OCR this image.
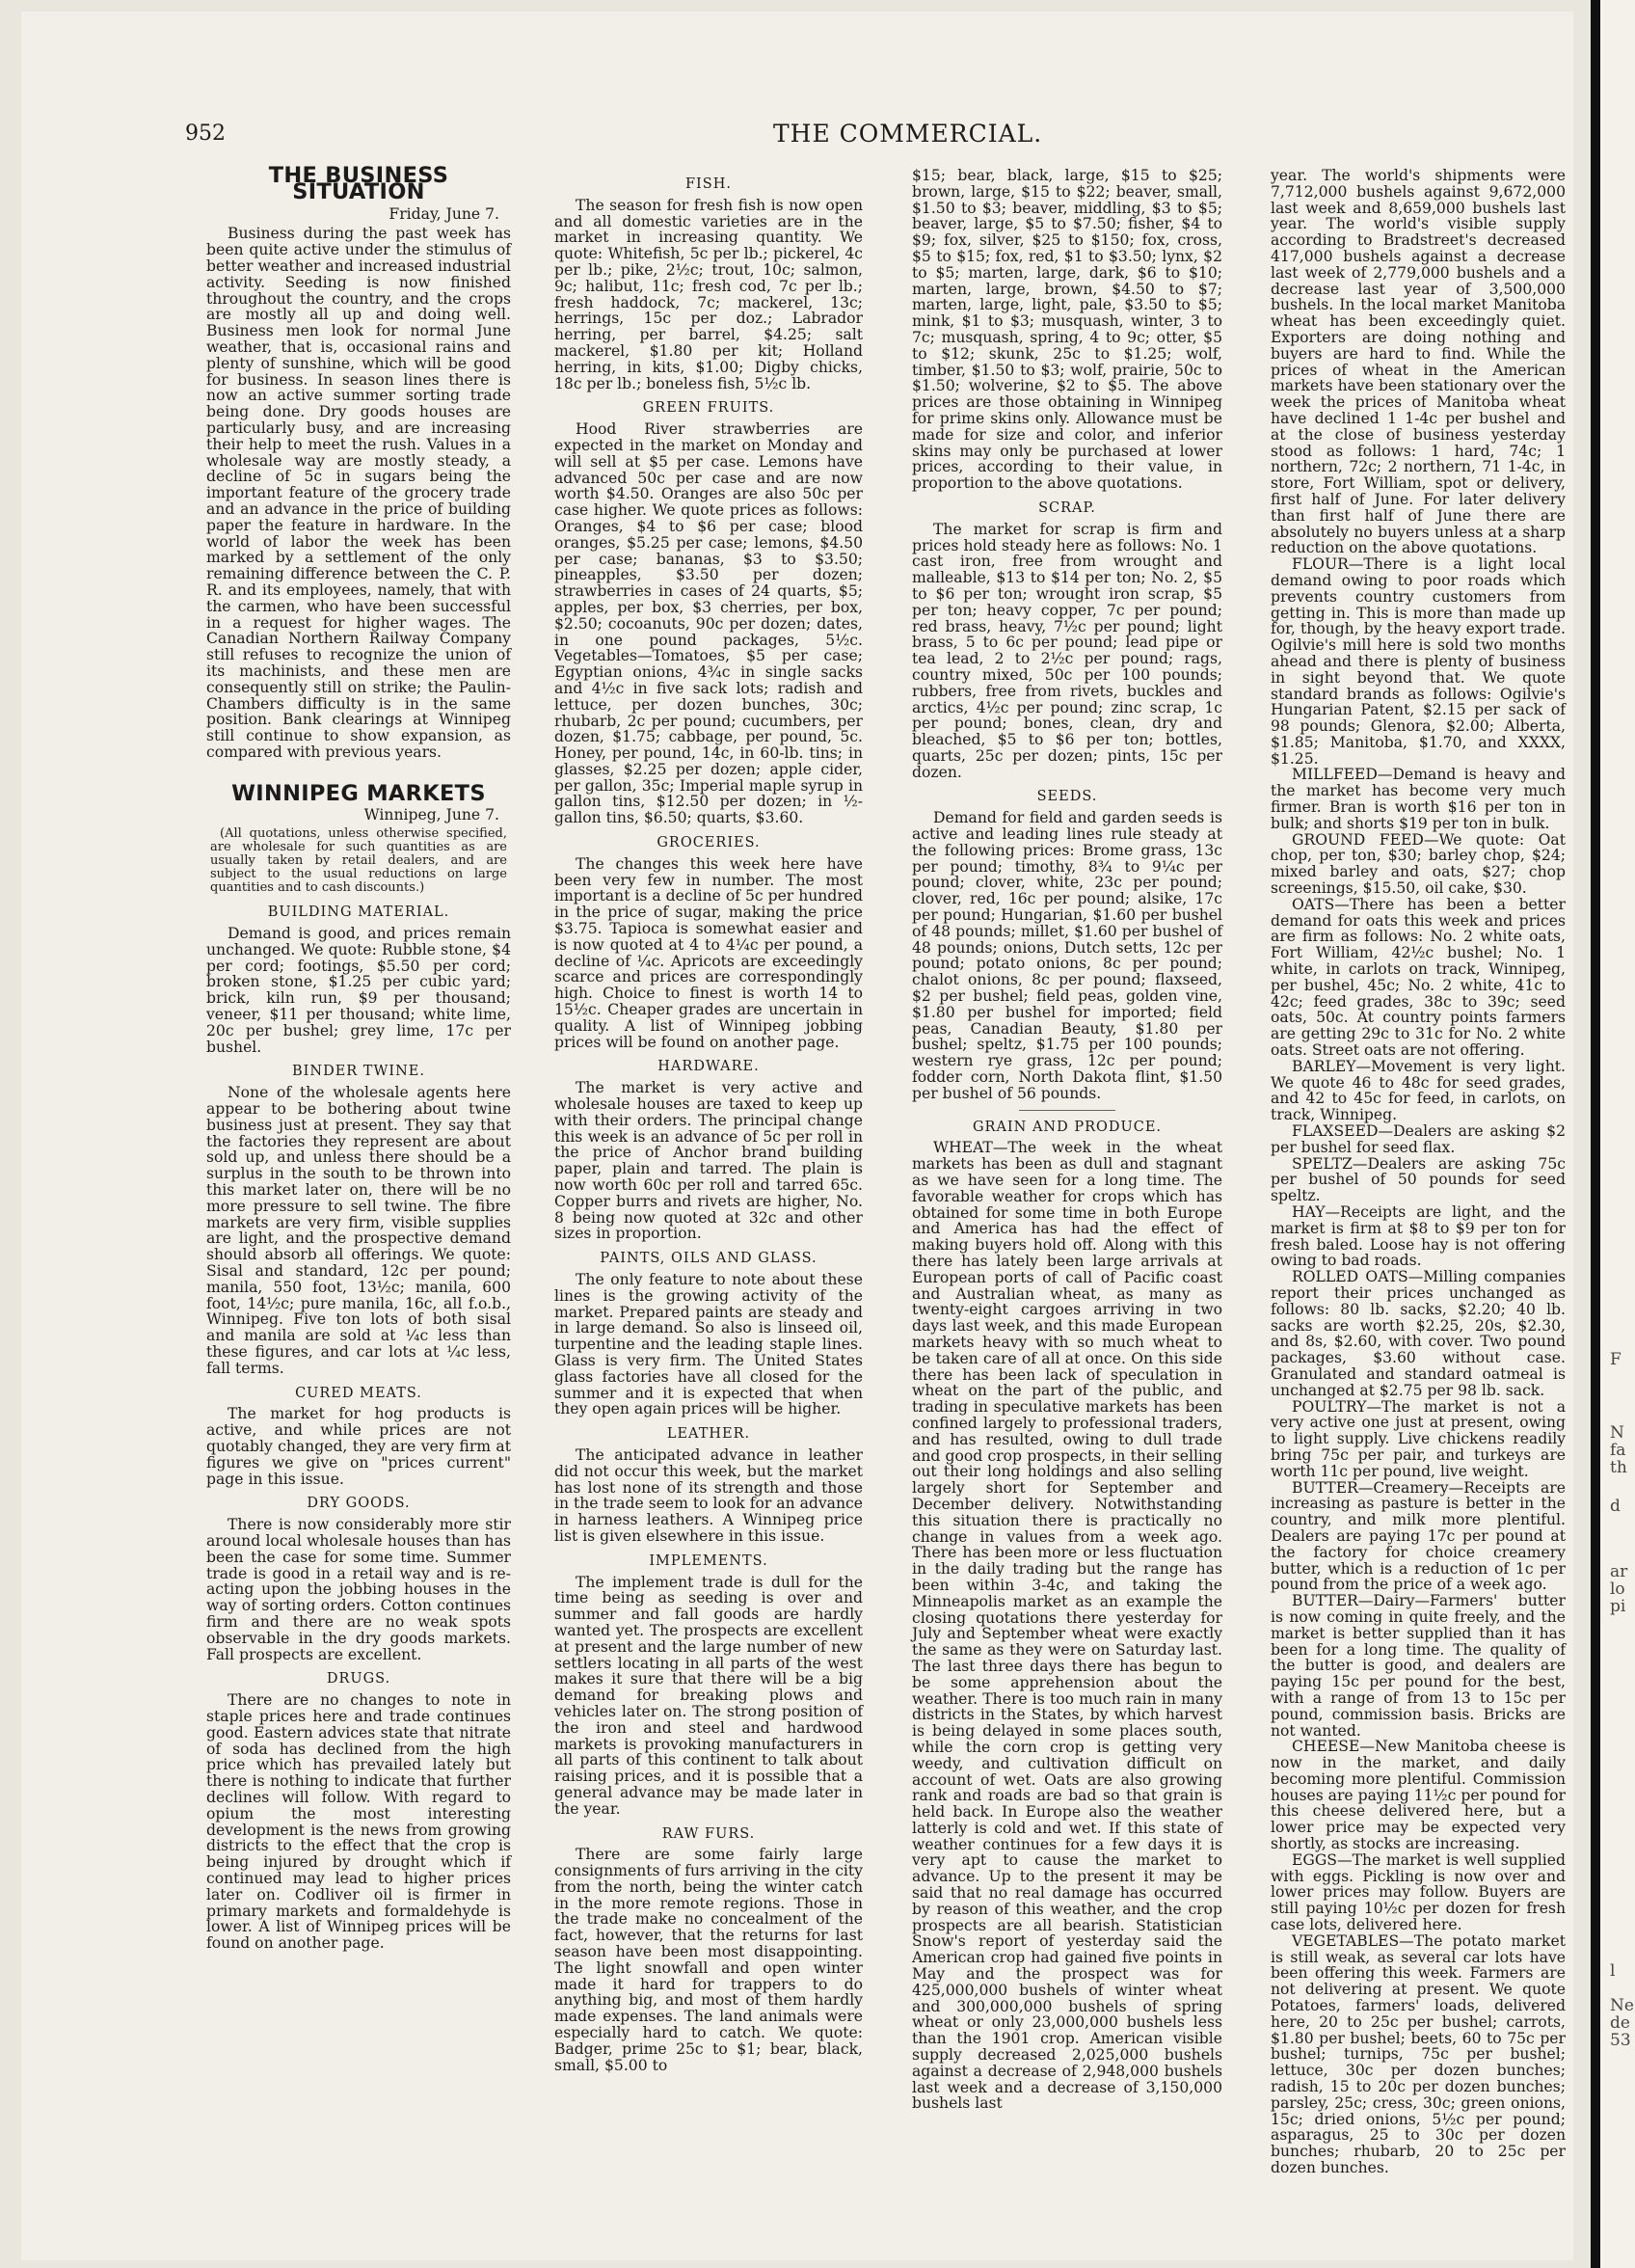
952	THE COMMERCIAL.
THE BUSINESS SITUATION
Friday, June 7.

Business during the past week has been quite active under the stimulus of better weather and increased industrial activity. Seeding is now finished throughout the country, and the crops are mostly all up and doing well. Business men look for normal June weather, that is, occasional rains and plenty of sunshine, which will be good for business. In season lines there is now an active summer sorting trade being done. Dry goods houses are particularly busy, and are increasing their help to meet the rush. Values in a wholesale way are mostly steady, a decline of 5c in sugars being the important feature of the grocery trade and an advance in the price of building paper the feature in hardware. In the world of labor the week has been marked by a settlement of the only remaining difference between the C. P. R. and its employees, namely, that with the carmen, who have been successful in a request for higher wages. The Canadian Northern Railway Company still refuses to recognize the union of its machinists, and these men are consequently still on strike; the Paulin-Chambers difficulty is in the same position. Bank clearings at Winnipeg still continue to show expansion, as compared with previous years.

WINNIPEG MARKETS
Winnipeg, June 7.
(All quotations, unless otherwise specified, are wholesale for such quantities as are usually taken by retail dealers, and are subject to the usual reductions on large quantities and to cash discounts.)
BUILDING MATERIAL.

Demand is good, and prices remain unchanged. We quote: Rubble stone, $4 per cord; footings, $5.50 per cord; broken stone, $1.25 per cubic yard; brick, kiln run, $9 per thousand; veneer, $11 per thousand; white lime, 20c per bushel; grey lime, 17c per bushel.

BINDER TWINE.

None of the wholesale agents here appear to be bothering about twine business just at present. They say that the factories they represent are about sold up, and unless there should be a surplus in the south to be thrown into this market later on, there will be no more pressure to sell twine. The fibre markets are very firm, visible supplies are light, and the prospective demand should absorb all offerings. We quote: Sisal and standard, 12c per pound; manila, 550 foot, 13½c; manila, 600 foot, 14½c; pure manila, 16c, all f.o.b., Winnipeg. Five ton lots of both sisal and manila are sold at ¼c less than these figures, and car lots at ¼c less, fall terms.

CURED MEATS.

The market for hog products is active, and while prices are not quotably changed, they are very firm at figures we give on "prices current" page in this issue.

DRY GOODS.

There is now considerably more stir around local wholesale houses than has been the case for some time. Summer trade is good in a retail way and is re-acting upon the jobbing houses in the way of sorting orders. Cotton continues firm and there are no weak spots observable in the dry goods markets. Fall prospects are excellent.

DRUGS.

There are no changes to note in staple prices here and trade continues good. Eastern advices state that nitrate of soda has declined from the high price which has prevailed lately but there is nothing to indicate that further declines will follow. With regard to opium the most interesting development is the news from growing districts to the effect that the crop is being injured by drought which if continued may lead to higher prices later on. Codliver oil is firmer in primary markets and formaldehyde is lower. A list of Winnipeg prices will be found on another page.

FISH.

The season for fresh fish is now open and all domestic varieties are in the market in increasing quantity. We quote: Whitefish, 5c per lb.; pickerel, 4c per lb.; pike, 2½c; trout, 10c; salmon, 9c; halibut, 11c; fresh cod, 7c per lb.; fresh haddock, 7c; mackerel, 13c; herrings, 15c per doz.; Labrador herring, per barrel, $4.25; salt mackerel, $1.80 per kit; Holland herring, in kits, $1.00; Digby chicks, 18c per lb.; boneless fish, 5½c lb.

GREEN FRUITS.

Hood River strawberries are expected in the market on Monday and will sell at $5 per case. Lemons have advanced 50c per case and are now worth $4.50. Oranges are also 50c per case higher. We quote prices as follows: Oranges, $4 to $6 per case; blood oranges, $5.25 per case; lemons, $4.50 per case; bananas, $3 to $3.50; pineapples, $3.50 per dozen; strawberries in cases of 24 quarts, $5; apples, per box, $3 cherries, per box, $2.50; cocoanuts, 90c per dozen; dates, in one pound packages, 5½c. Vegetables—Tomatoes, $5 per case; Egyptian onions, 4¾c in single sacks and 4½c in five sack lots; radish and lettuce, per dozen bunches, 30c; rhubarb, 2c per pound; cucumbers, per dozen, $1.75; cabbage, per pound, 5c. Honey, per pound, 14c, in 60-lb. tins; in glasses, $2.25 per dozen; apple cider, per gallon, 35c; Imperial maple syrup in gallon tins, $12.50 per dozen; in ½-gallon tins, $6.50; quarts, $3.60.

GROCERIES.

The changes this week here have been very few in number. The most important is a decline of 5c per hundred in the price of sugar, making the price $3.75. Tapioca is somewhat easier and is now quoted at 4 to 4¼c per pound, a decline of ¼c. Apricots are exceedingly scarce and prices are correspondingly high. Choice to finest is worth 14 to 15½c. Cheaper grades are uncertain in quality. A list of Winnipeg jobbing prices will be found on another page.

HARDWARE.

The market is very active and wholesale houses are taxed to keep up with their orders. The principal change this week is an advance of 5c per roll in the price of Anchor brand building paper, plain and tarred. The plain is now worth 60c per roll and tarred 65c. Copper burrs and rivets are higher, No. 8 being now quoted at 32c and other sizes in proportion.

PAINTS, OILS AND GLASS.

The only feature to note about these lines is the growing activity of the market. Prepared paints are steady and in large demand. So also is linseed oil, turpentine and the leading staple lines. Glass is very firm. The United States glass factories have all closed for the summer and it is expected that when they open again prices will be higher.

LEATHER.

The anticipated advance in leather did not occur this week, but the market has lost none of its strength and those in the trade seem to look for an advance in harness leathers. A Winnipeg price list is given elsewhere in this issue.

IMPLEMENTS.

The implement trade is dull for the time being as seeding is over and summer and fall goods are hardly wanted yet. The prospects are excellent at present and the large number of new settlers locating in all parts of the west makes it sure that there will be a big demand for breaking plows and vehicles later on. The strong position of the iron and steel and hardwood markets is provoking manufacturers in all parts of this continent to talk about raising prices, and it is possible that a general advance may be made later in the year.

RAW FURS.

There are some fairly large consignments of furs arriving in the city from the north, being the winter catch in the more remote regions. Those in the trade make no concealment of the fact, however, that the returns for last season have been most disappointing. The light snowfall and open winter made it hard for trappers to do anything big, and most of them hardly made expenses. The land animals were especially hard to catch. We quote: Badger, prime 25c to $1; bear, black, small, $5.00 to

$15; bear, black, large, $15 to $25; brown, large, $15 to $22; beaver, small, $1.50 to $3; beaver, middling, $3 to $5; beaver, large, $5 to $7.50; fisher, $4 to $9; fox, silver, $25 to $150; fox, cross, $5 to $15; fox, red, $1 to $3.50; lynx, $2 to $5; marten, large, dark, $6 to $10; marten, large, brown, $4.50 to $7; marten, large, light, pale, $3.50 to $5; mink, $1 to $3; musquash, winter, 3 to 7c; musquash, spring, 4 to 9c; otter, $5 to $12; skunk, 25c to $1.25; wolf, timber, $1.50 to $3; wolf, prairie, 50c to $1.50; wolverine, $2 to $5. The above prices are those obtaining in Winnipeg for prime skins only. Allowance must be made for size and color, and inferior skins may only be purchased at lower prices, according to their value, in proportion to the above quotations.

SCRAP.

The market for scrap is firm and prices hold steady here as follows: No. 1 cast iron, free from wrought and malleable, $13 to $14 per ton; No. 2, $5 to $6 per ton; wrought iron scrap, $5 per ton; heavy copper, 7c per pound; red brass, heavy, 7½c per pound; light brass, 5 to 6c per pound; lead pipe or tea lead, 2 to 2½c per pound; rags, country mixed, 50c per 100 pounds; rubbers, free from rivets, buckles and arctics, 4½c per pound; zinc scrap, 1c per pound; bones, clean, dry and bleached, $5 to $6 per ton; bottles, quarts, 25c per dozen; pints, 15c per dozen.

SEEDS.

Demand for field and garden seeds is active and leading lines rule steady at the following prices: Brome grass, 13c per pound; timothy, 8¾ to 9¼c per pound; clover, white, 23c per pound; clover, red, 16c per pound; alsike, 17c per pound; Hungarian, $1.60 per bushel of 48 pounds; millet, $1.60 per bushel of 48 pounds; onions, Dutch setts, 12c per pound; potato onions, 8c per pound; chalot onions, 8c per pound; flaxseed, $2 per bushel; field peas, golden vine, $1.80 per bushel for imported; field peas, Canadian Beauty, $1.80 per bushel; speltz, $1.75 per 100 pounds; western rye grass, 12c per pound; fodder corn, North Dakota flint, $1.50 per bushel of 56 pounds.

GRAIN AND PRODUCE.

WHEAT—The week in the wheat markets has been as dull and stagnant as we have seen for a long time. The favorable weather for crops which has obtained for some time in both Europe and America has had the effect of making buyers hold off. Along with this there has lately been large arrivals at European ports of call of Pacific coast and Australian wheat, as many as twenty-eight cargoes arriving in two days last week, and this made European markets heavy with so much wheat to be taken care of all at once. On this side there has been lack of speculation in wheat on the part of the public, and trading in speculative markets has been confined largely to professional traders, and has resulted, owing to dull trade and good crop prospects, in their selling out their long holdings and also selling largely short for September and December delivery. Notwithstanding this situation there is practically no change in values from a week ago. There has been more or less fluctuation in the daily trading but the range has been within 3-4c, and taking the Minneapolis market as an example the closing quotations there yesterday for July and September wheat were exactly the same as they were on Saturday last. The last three days there has begun to be some apprehension about the weather. There is too much rain in many districts in the States, by which harvest is being delayed in some places south, while the corn crop is getting very weedy, and cultivation difficult on account of wet. Oats are also growing rank and roads are bad so that grain is held back. In Europe also the weather latterly is cold and wet. If this state of weather continues for a few days it is very apt to cause the market to advance. Up to the present it may be said that no real damage has occurred by reason of this weather, and the crop prospects are all bearish. Statistician Snow's report of yesterday said the American crop had gained five points in May and the prospect was for 425,000,000 bushels of winter wheat and 300,000,000 bushels of spring wheat or only 23,000,000 bushels less than the 1901 crop. American visible supply decreased 2,025,000 bushels against a decrease of 2,948,000 bushels last week and a decrease of 3,150,000 bushels last

year. The world's shipments were 7,712,000 bushels against 9,672,000 last week and 8,659,000 bushels last year. The world's visible supply according to Bradstreet's decreased 417,000 bushels against a decrease last week of 2,779,000 bushels and a decrease last year of 3,500,000 bushels. In the local market Manitoba wheat has been exceedingly quiet. Exporters are doing nothing and buyers are hard to find. While the prices of wheat in the American markets have been stationary over the week the prices of Manitoba wheat have declined 1 1-4c per bushel and at the close of business yesterday stood as follows: 1 hard, 74c; 1 northern, 72c; 2 northern, 71 1-4c, in store, Fort William, spot or delivery, first half of June. For later delivery than first half of June there are absolutely no buyers unless at a sharp reduction on the above quotations.

FLOUR—There is a light local demand owing to poor roads which prevents country customers from getting in. This is more than made up for, though, by the heavy export trade. Ogilvie's mill here is sold two months ahead and there is plenty of business in sight beyond that. We quote standard brands as follows: Ogilvie's Hungarian Patent, $2.15 per sack of 98 pounds; Glenora, $2.00; Alberta, $1.85; Manitoba, $1.70, and XXXX, $1.25.

MILLFEED—Demand is heavy and the market has become very much firmer. Bran is worth $16 per ton in bulk; and shorts $19 per ton in bulk.

GROUND FEED—We quote: Oat chop, per ton, $30; barley chop, $24; mixed barley and oats, $27; chop screenings, $15.50, oil cake, $30.

OATS—There has been a better demand for oats this week and prices are firm as follows: No. 2 white oats, Fort William, 42½c bushel; No. 1 white, in carlots on track, Winnipeg, per bushel, 45c; No. 2 white, 41c to 42c; feed grades, 38c to 39c; seed oats, 50c. At country points farmers are getting 29c to 31c for No. 2 white oats. Street oats are not offering.

BARLEY—Movement is very light. We quote 46 to 48c for seed grades, and 42 to 45c for feed, in carlots, on track, Winnipeg.

FLAXSEED—Dealers are asking $2 per bushel for seed flax.

SPELTZ—Dealers are asking 75c per bushel of 50 pounds for seed speltz.

HAY—Receipts are light, and the market is firm at $8 to $9 per ton for fresh baled. Loose hay is not offering owing to bad roads.

ROLLED OATS—Milling companies report their prices unchanged as follows: 80 lb. sacks, $2.20; 40 lb. sacks are worth $2.25, 20s, $2.30, and 8s, $2.60, with cover. Two pound packages, $3.60 without case. Granulated and standard oatmeal is unchanged at $2.75 per 98 lb. sack.

POULTRY—The market is not a very active one just at present, owing to light supply. Live chickens readily bring 75c per pair, and turkeys are worth 11c per pound, live weight.

BUTTER—Creamery—Receipts are increasing as pasture is better in the country, and milk more plentiful. Dealers are paying 17c per pound at the factory for choice creamery butter, which is a reduction of 1c per pound from the price of a week ago.

BUTTER—Dairy—Farmers' butter is now coming in quite freely, and the market is better supplied than it has been for a long time. The quality of the butter is good, and dealers are paying 15c per pound for the best, with a range of from 13 to 15c per pound, commission basis. Bricks are not wanted.

CHEESE—New Manitoba cheese is now in the market, and daily becoming more plentiful. Commission houses are paying 11½c per pound for this cheese delivered here, but a lower price may be expected very shortly, as stocks are increasing.

EGGS—The market is well supplied with eggs. Pickling is now over and lower prices may follow. Buyers are still paying 10½c per dozen for fresh case lots, delivered here.

VEGETABLES—The potato market is still weak, as several car lots have been offering this week. Farmers are not delivering at present. We quote Potatoes, farmers' loads, delivered here, 20 to 25c per bushel; carrots, $1.80 per bushel; beets, 60 to 75c per bushel; turnips, 75c per bushel; lettuce, 30c per dozen bunches; radish, 15 to 20c per dozen bunches; parsley, 25c; cress, 30c; green onions, 15c; dried onions, 5½c per pound; asparagus, 25 to 30c per dozen bunches; rhubarb, 20 to 25c per dozen bunches.

F
N
fa
th
d
ar
lo
pi
l
Ne
de
53
